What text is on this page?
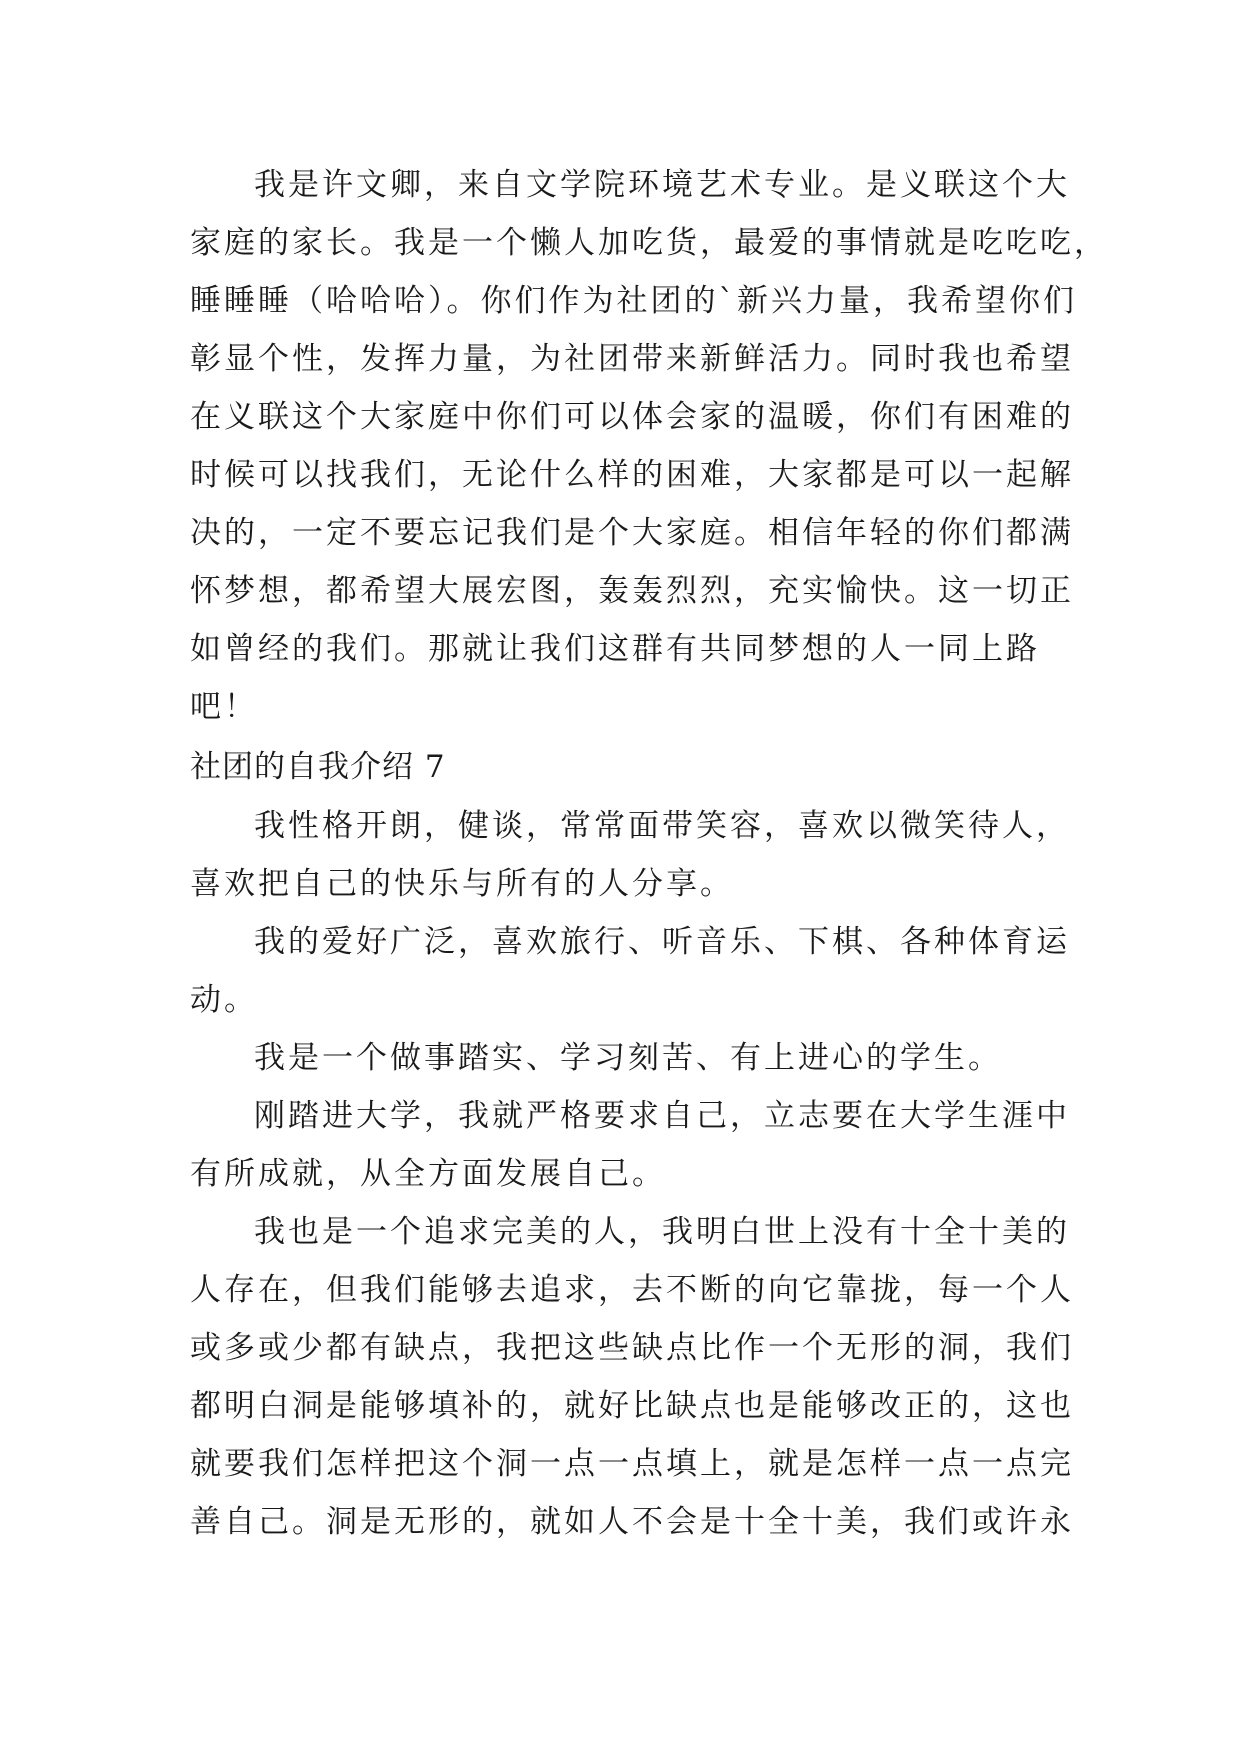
我是许文卿，来自文学院环境艺术专业。是义联这个大
家庭的家长。我是一个懒人加吃货，最爱的事情就是吃吃吃，
睡睡睡（哈哈哈）。你们作为社团的`新兴力量，我希望你们
彰显个性，发挥力量，为社团带来新鲜活力。同时我也希望
在义联这个大家庭中你们可以体会家的温暖，你们有困难的
时候可以找我们，无论什么样的困难，大家都是可以一起解
决的，一定不要忘记我们是个大家庭。相信年轻的你们都满
怀梦想，都希望大展宏图，轰轰烈烈，充实愉快。这一切正
如曾经的我们。那就让我们这群有共同梦想的人一同上路
吧！
社团的自我介绍 7
我性格开朗，健谈，常常面带笑容，喜欢以微笑待人，
喜欢把自己的快乐与所有的人分享。
我的爱好广泛，喜欢旅行、听音乐、下棋、各种体育运
动。
我是一个做事踏实、学习刻苦、有上进心的学生。
刚踏进大学，我就严格要求自己，立志要在大学生涯中
有所成就，从全方面发展自己。
我也是一个追求完美的人，我明白世上没有十全十美的
人存在，但我们能够去追求，去不断的向它靠拢，每一个人
或多或少都有缺点，我把这些缺点比作一个无形的洞，我们
都明白洞是能够填补的，就好比缺点也是能够改正的，这也
就要我们怎样把这个洞一点一点填上，就是怎样一点一点完
善自己。洞是无形的，就如人不会是十全十美，我们或许永
